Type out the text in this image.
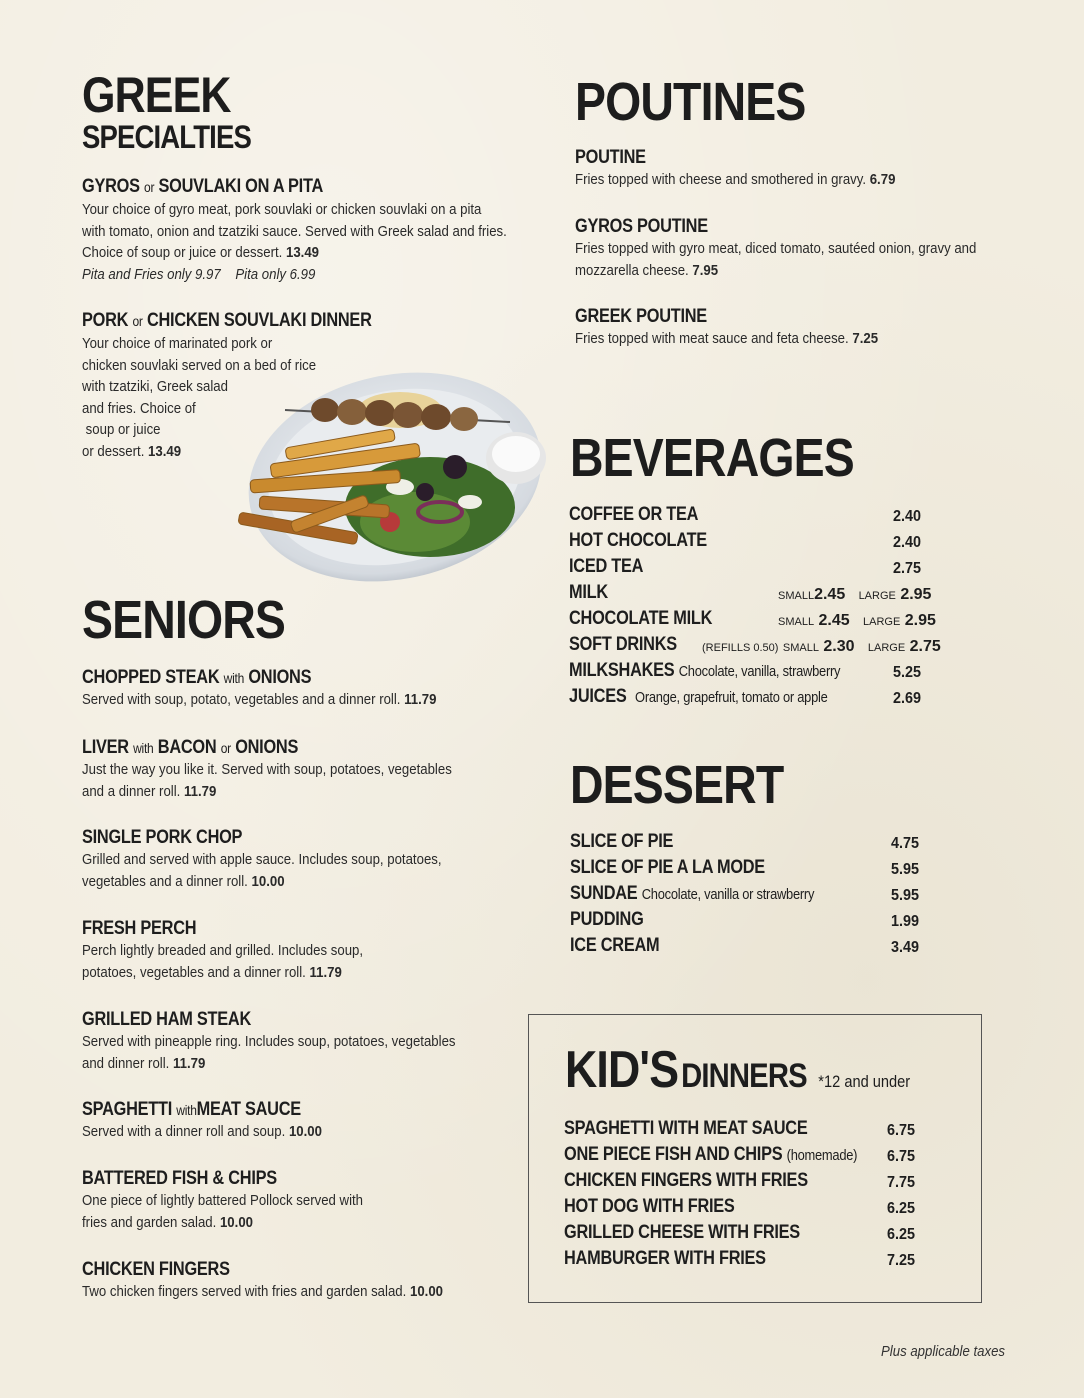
GREEK
SPECIALTIES
GYROS or SOUVLAKI ON A PITA
Your choice of gyro meat, pork souvlaki or chicken souvlaki on a pita
with tomato, onion and tzatziki sauce. Served with Greek salad and fries.
Choice of soup or juice or dessert. 13.49
Pita and Fries only 9.97 Pita only 6.99
PORK or CHICKEN SOUVLAKI DINNER
Your choice of marinated pork or
chicken souvlaki served on a bed of rice
with tzatziki, Greek salad
and fries. Choice of
soup or juice
or dessert. 13.49
SENIORS
CHOPPED STEAK with ONIONS
Served with soup, potato, vegetables and a dinner roll. 11.79
LIVER with BACON or ONIONS
Just the way you like it. Served with soup, potatoes, vegetables
and a dinner roll. 11.79
SINGLE PORK CHOP
Grilled and served with apple sauce. Includes soup, potatoes,
vegetables and a dinner roll. 10.00
FRESH PERCH
Perch lightly breaded and grilled. Includes soup,
potatoes, vegetables and a dinner roll. 11.79
GRILLED HAM STEAK
Served with pineapple ring. Includes soup, potatoes, vegetables
and dinner roll. 11.79
SPAGHETTI withMEAT SAUCE
Served with a dinner roll and soup. 10.00
BATTERED FISH & CHIPS
One piece of lightly battered Pollock served with
fries and garden salad. 10.00
CHICKEN FINGERS
Two chicken fingers served with fries and garden salad. 10.00
POUTINES
POUTINE
Fries topped with cheese and smothered in gravy. 6.79
GYROS POUTINE
Fries topped with gyro meat, diced tomato, sautéed onion, gravy and
mozzarella cheese. 7.95
GREEK POUTINE
Fries topped with meat sauce and feta cheese. 7.25
BEVERAGES
COFFEE OR TEA	2.40
HOT CHOCOLATE	2.40
ICED TEA	2.75
MILK	SMALL2.45 LARGE 2.95
CHOCOLATE MILK	SMALL 2.45 LARGE 2.95
SOFT DRINKS (REFILLS 0.50) SMALL 2.30 LARGE 2.75
MILKSHAKES Chocolate, vanilla, strawberry	5.25
JUICES Orange, grapefruit, tomato or apple	2.69
DESSERT
SLICE OF PIE	4.75
SLICE OF PIE A LA MODE	5.95
SUNDAE Chocolate, vanilla or strawberry	5.95
PUDDING	1.99
ICE CREAM	3.49
KID'S DINNERS *12 and under
SPAGHETTI WITH MEAT SAUCE	6.75
ONE PIECE FISH AND CHIPS (homemade) 6.75
CHICKEN FINGERS WITH FRIES	7.75
HOT DOG WITH FRIES	6.25
GRILLED CHEESE WITH FRIES	6.25
HAMBURGER WITH FRIES	7.25
Plus applicable taxes
